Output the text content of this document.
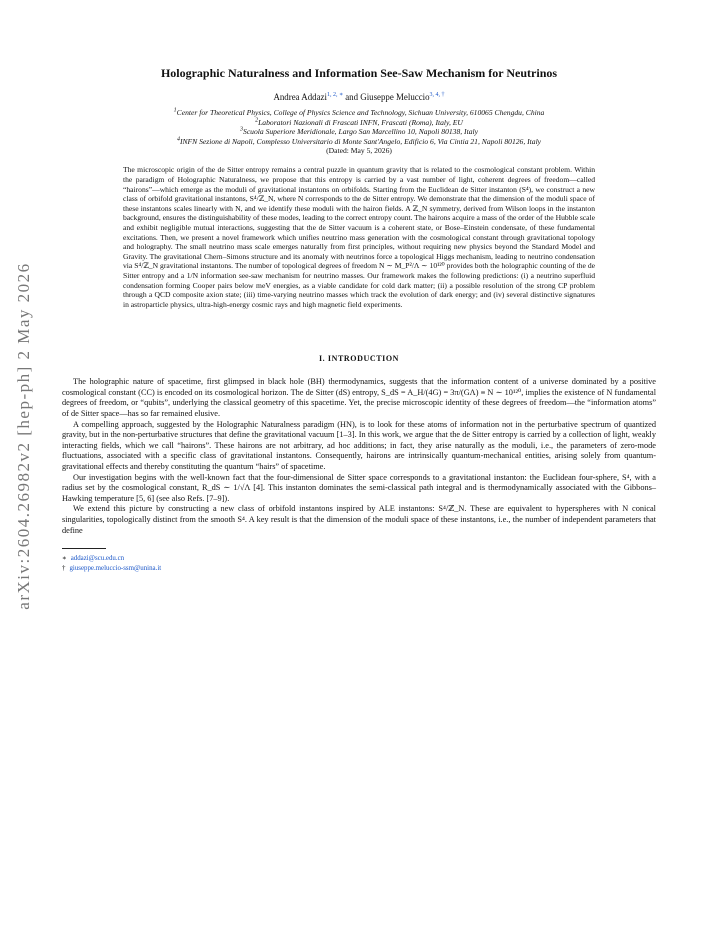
arXiv:2604.26982v2 [hep-ph] 2 May 2026
Holographic Naturalness and Information See-Saw Mechanism for Neutrinos
Andrea Addazi$^{1, 2, ∗}$ and Giuseppe Meluccio$^{3, 4, \dagger}$
$^1$Center for Theoretical Physics, College of Physics Science and Technology, Sichuan University, 610065 Chengdu, China
$^2$Laboratori Nazionali di Frascati INFN, Frascati (Roma), Italy, EU
$^3$Scuola Superiore Meridionale, Largo San Marcellino 10, Napoli 80138, Italy
$^4$INFN Sezione di Napoli, Complesso Universitario di Monte Sant'Angelo, Edificio 6, Via Cintia 21, Napoli 80126, Italy
(Dated: May 5, 2026)
The microscopic origin of the de Sitter entropy remains a central puzzle in quantum gravity that is related to the cosmological constant problem. Within the paradigm of Holographic Naturalness, we propose that this entropy is carried by a vast number of light, coherent degrees of freedom—called “hairons”—which emerge as the moduli of gravitational instantons on orbifolds. Starting from the Euclidean de Sitter instanton (S⁴), we construct a new class of orbifold gravitational instantons, S⁴/ℤ_N, where N corresponds to the de Sitter entropy. We demonstrate that the dimension of the moduli space of these instantons scales linearly with N, and we identify these moduli with the hairon fields. A ℤ_N symmetry, derived from Wilson loops in the instanton background, ensures the distinguishability of these modes, leading to the correct entropy count. The hairons acquire a mass of the order of the Hubble scale and exhibit negligible mutual interactions, suggesting that the de Sitter vacuum is a coherent state, or Bose–Einstein condensate, of these fundamental excitations. Then, we present a novel framework which unifies neutrino mass generation with the cosmological constant through gravitational topology and holography. The small neutrino mass scale emerges naturally from first principles, without requiring new physics beyond the Standard Model and Gravity. The gravitational Chern–Simons structure and its anomaly with neutrinos force a topological Higgs mechanism, leading to neutrino condensation via S⁴/ℤ_N gravitational instantons. The number of topological degrees of freedom N ∼ M_P²/Λ ∼ 10¹²⁰ provides both the holographic counting of the de Sitter entropy and a 1/N information see-saw mechanism for neutrino masses. Our framework makes the following predictions: (i) a neutrino superfluid condensation forming Cooper pairs below meV energies, as a viable candidate for cold dark matter; (ii) a possible resolution of the strong CP problem through a QCD composite axion state; (iii) time-varying neutrino masses which track the evolution of dark energy; and (iv) several distinctive signatures in astroparticle physics, ultra-high-energy cosmic rays and high magnetic field experiments.
I. INTRODUCTION

The holographic nature of spacetime, first glimpsed in black hole (BH) thermodynamics, suggests that the information content of a universe dominated by a positive cosmological constant (CC) is encoded on its cosmological horizon. The de Sitter (dS) entropy, S_dS = A_H/(4G) = 3π/(GΛ) ≡ N ∼ 10¹²⁰, implies the existence of N fundamental degrees of freedom, or “qubits”, underlying the classical geometry of this spacetime. Yet, the precise microscopic identity of these degrees of freedom—the “information atoms” of de Sitter space—has so far remained elusive.

A compelling approach, suggested by the Holographic Naturalness paradigm (HN), is to look for these atoms of information not in the perturbative spectrum of quantized gravity, but in the non-perturbative structures that define the gravitational vacuum [1–3]. In this work, we argue that the de Sitter entropy is carried by a collection of light, weakly interacting fields, which we call “hairons”. These hairons are not arbitrary, ad hoc additions; in fact, they arise naturally as the moduli, i.e., the parameters of zero-mode fluctuations, associated with a specific class of gravitational instantons. Consequently, hairons are intrinsically quantum-mechanical entities, arising solely from quantum-gravitational effects and thereby constituting the quantum “hairs” of spacetime.

Our investigation begins with the well-known fact that the four-dimensional de Sitter space corresponds to a gravitational instanton: the Euclidean four-sphere, S⁴, with a radius set by the cosmological constant, R_dS ∼ 1/√Λ [4]. This instanton dominates the semi-classical path integral and is thermodynamically associated with the Gibbons–Hawking temperature [5, 6] (see also Refs. [7–9]).

We extend this picture by constructing a new class of orbifold instantons inspired by ALE instantons: S⁴/ℤ_N. These are equivalent to hyperspheres with N conical singularities, topologically distinct from the smooth S⁴. A key result is that the dimension of the moduli space of these instantons, i.e., the number of independent parameters that define

∗ addazi@scu.edu.cn
† giuseppe.meluccio-ssm@unina.it
